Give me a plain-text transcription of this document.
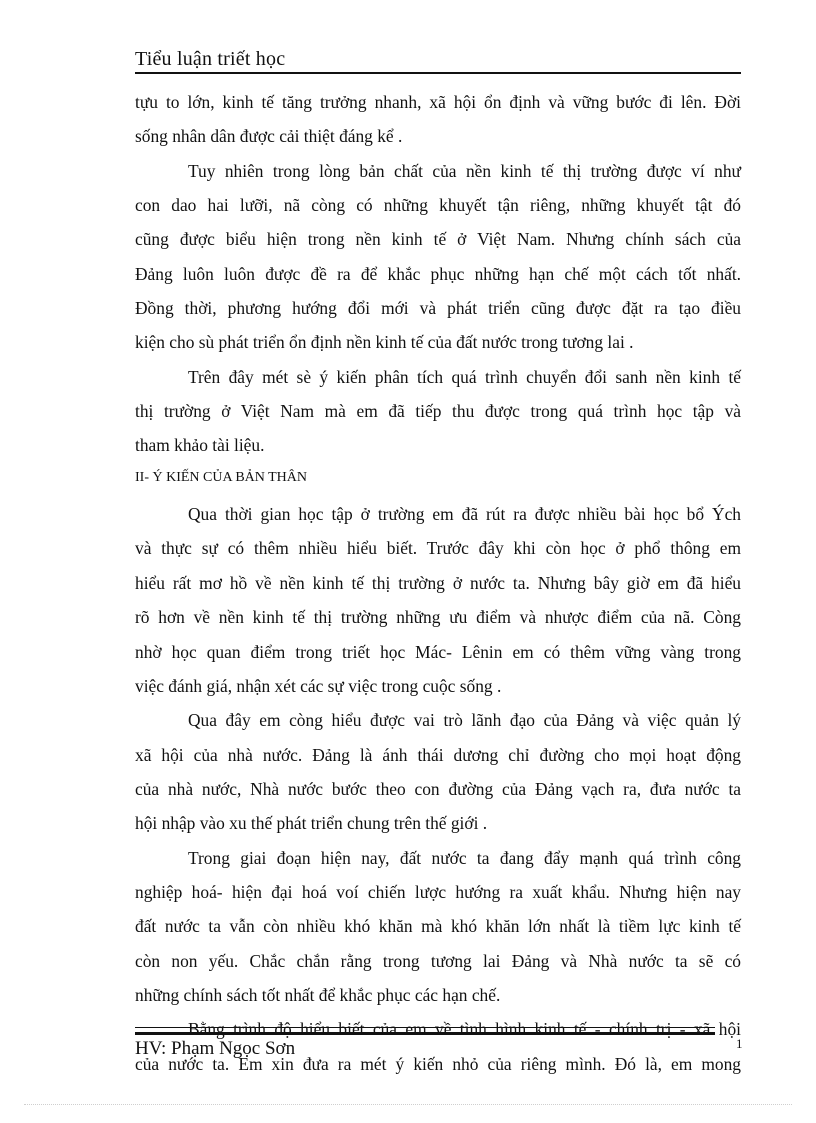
Tiểu luận triết học
tựu to lớn, kinh tế tăng trưởng nhanh, xã hội ổn định và vững bước đi lên. Đời
sống nhân dân được cải thiệt đáng kể .
Tuy nhiên trong lòng bản chất của nền kinh tế thị trường được ví như
con dao hai lưỡi, nã còng có những khuyết tận riêng, những khuyết tật đó
cũng được biểu hiện trong nền kinh tế ở Việt Nam. Nhưng chính sách của
Đảng luôn luôn được đề ra để khắc phục những hạn chế một cách tốt nhất.
Đồng thời, phương hướng đổi mới và phát triển cũng được đặt ra tạo điều
kiện cho sù phát triển ổn định nền kinh tế của đất nước trong tương lai .
Trên đây mét sè ý kiến phân tích quá trình chuyển đổi sanh nền kinh tế
thị trường ở Việt Nam mà em đã tiếp thu được trong quá trình học tập và
tham khảo tài liệu.
II- Ý KIẾN CỦA BẢN THÂN
Qua thời gian học tập ở trường em đã rút ra được nhiều bài học bổ Ých
và thực sự có thêm nhiều hiểu biết. Trước đây khi còn học ở phổ thông em
hiểu rất mơ hồ về nền kinh tế thị trường ở nước ta. Nhưng bây giờ em đã hiểu
rõ hơn về nền kinh tế thị trường những ưu điểm và nhược điểm của nã. Còng
nhờ học quan điểm trong triết học Mác- Lênin em có thêm vững vàng trong
việc đánh giá, nhận xét các sự việc trong cuộc sống .
Qua đây em còng hiểu được vai trò lãnh đạo của Đảng và việc quản lý
xã hội của nhà nước. Đảng là ánh thái dương chỉ đường cho mọi hoạt động
của nhà nước, Nhà nước bước theo con đường của Đảng vạch ra, đưa nước ta
hội nhập vào xu thế phát triển chung trên thế giới .
Trong giai đoạn hiện nay, đất nước ta đang đẩy mạnh quá trình công
nghiệp hoá- hiện đại hoá voí chiến lược hướng ra xuất khẩu. Nhưng hiện nay
đất nước ta vẫn còn nhiều khó khăn mà khó khăn lớn nhất là tiềm lực kinh tế
còn non yếu. Chắc chắn rằng trong tương lai Đảng và Nhà nước ta sẽ có
những chính sách tốt nhất để khắc phục các hạn chế.
Bằng trình độ hiểu biết của em về tình hình kinh tế - chính trị - xã hội
của nước ta. Em xin đưa ra mét ý kiến nhỏ của riêng mình. Đó là, em mong
HV: Phạm Ngọc Sơn	1
